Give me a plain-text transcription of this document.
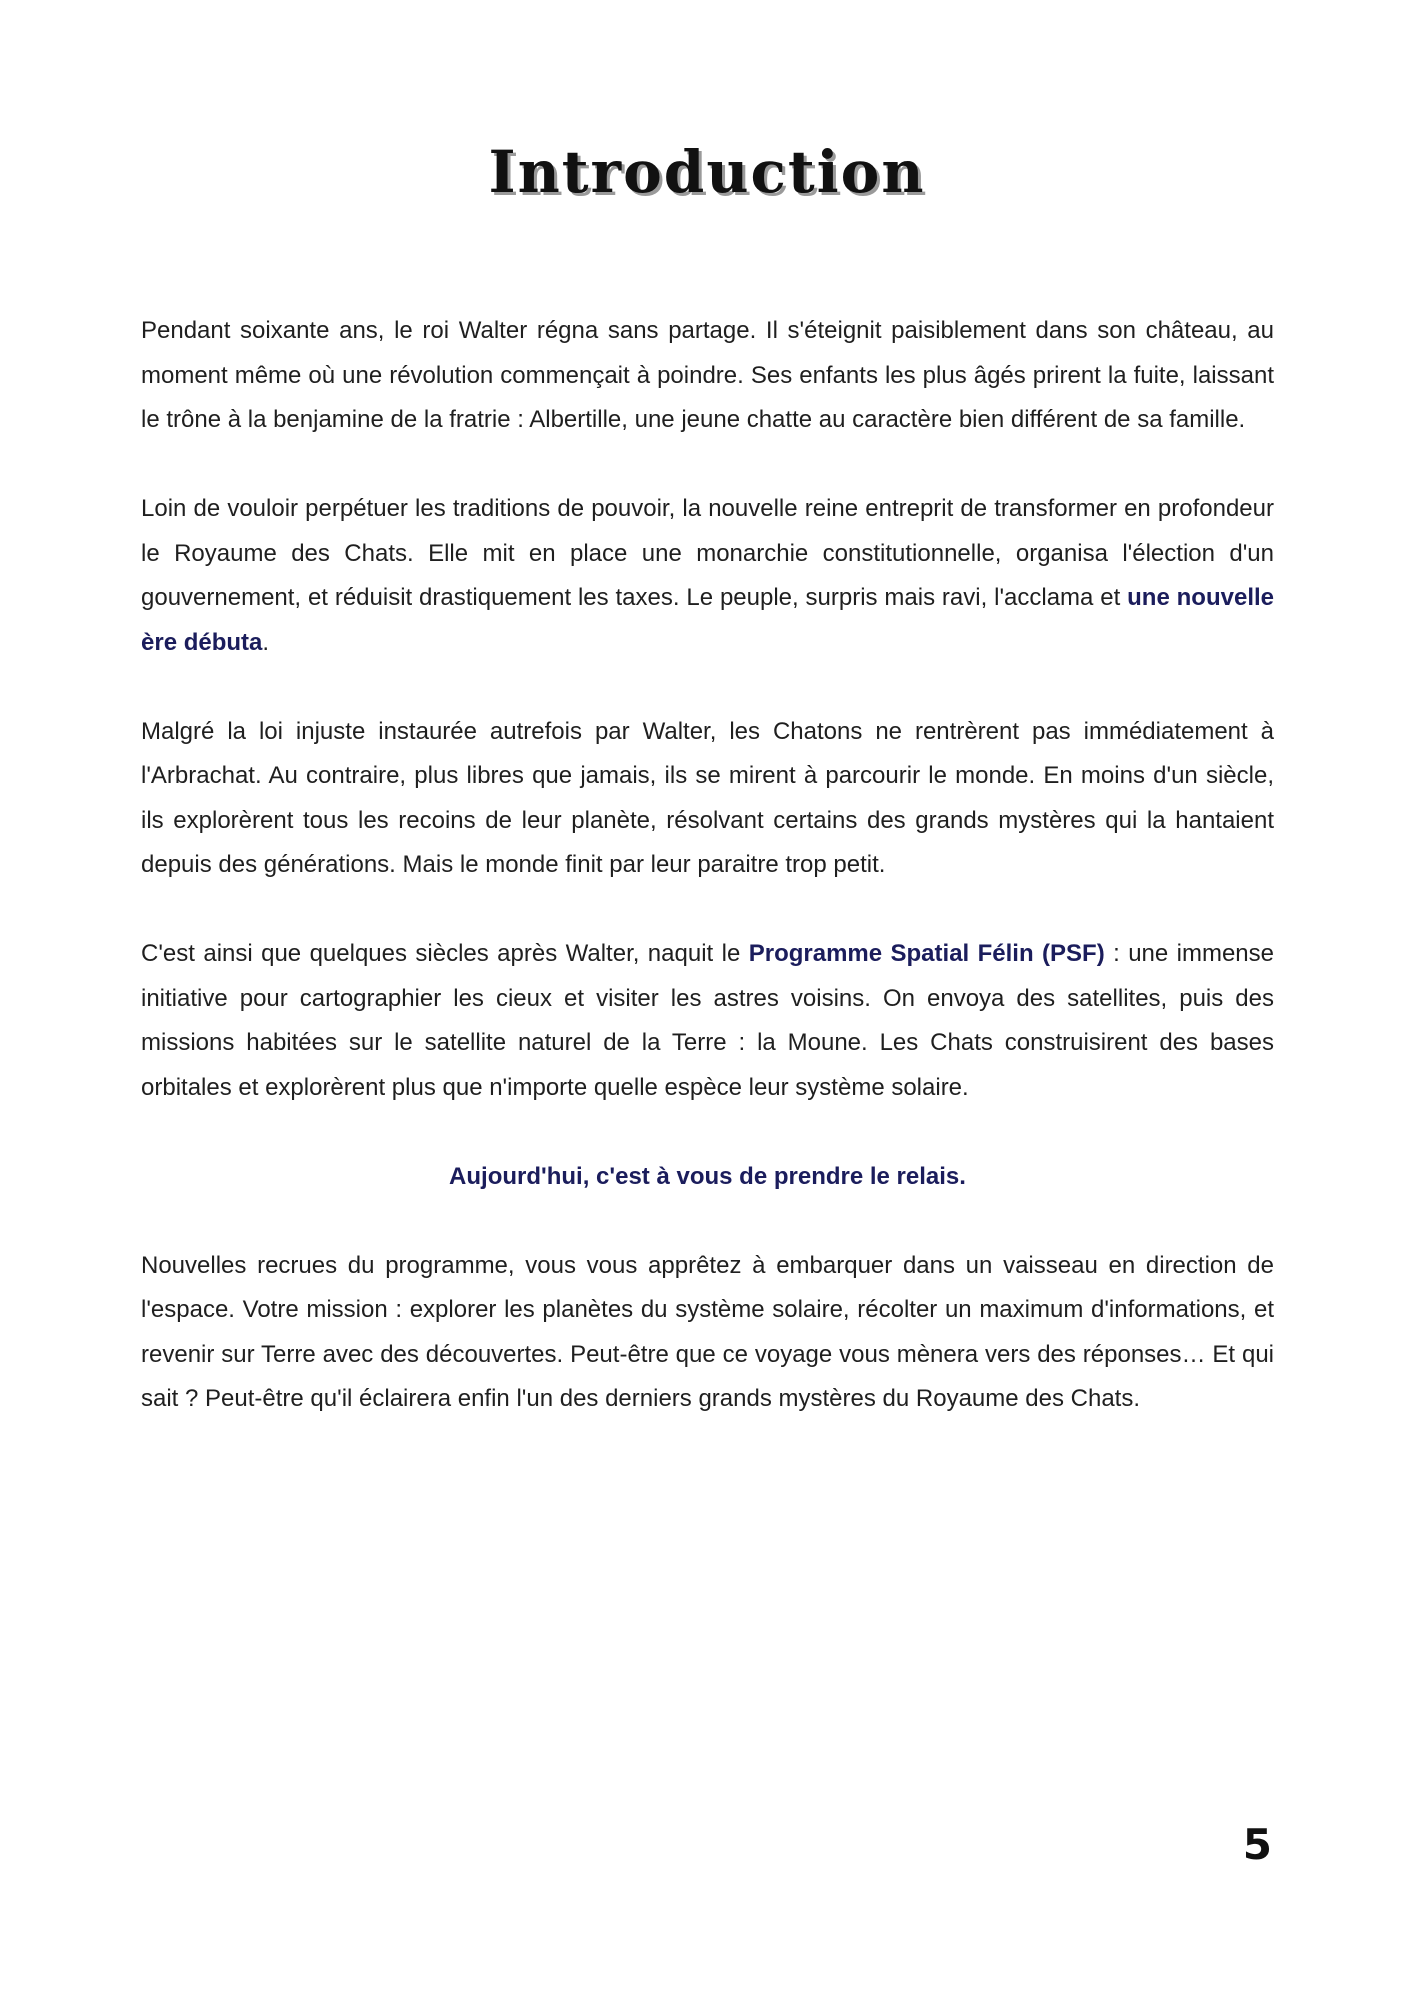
Introduction

Pendant soixante ans, le roi Walter régna sans partage. Il s'éteignit paisiblement dans son château, au moment même où une révolution commençait à poindre. Ses enfants les plus âgés prirent la fuite, laissant le trône à la benjamine de la fratrie : Albertille, une jeune chatte au caractère bien différent de sa famille.

Loin de vouloir perpétuer les traditions de pouvoir, la nouvelle reine entreprit de transformer en profondeur le Royaume des Chats. Elle mit en place une monarchie constitutionnelle, organisa l'élection d'un gouvernement, et réduisit drastiquement les taxes. Le peuple, surpris mais ravi, l'acclama et une nouvelle ère débuta.

Malgré la loi injuste instaurée autrefois par Walter, les Chatons ne rentrèrent pas immédiatement à l'Arbrachat. Au contraire, plus libres que jamais, ils se mirent à parcourir le monde. En moins d'un siècle, ils explorèrent tous les recoins de leur planète, résolvant certains des grands mystères qui la hantaient depuis des générations. Mais le monde finit par leur paraitre trop petit.

C'est ainsi que quelques siècles après Walter, naquit le Programme Spatial Félin (PSF) : une immense initiative pour cartographier les cieux et visiter les astres voisins. On envoya des satellites, puis des missions habitées sur le satellite naturel de la Terre : la Moune. Les Chats construisirent des bases orbitales et explorèrent plus que n'importe quelle espèce leur système solaire.

Aujourd'hui, c'est à vous de prendre le relais.

Nouvelles recrues du programme, vous vous apprêtez à embarquer dans un vaisseau en direction de l'espace. Votre mission : explorer les planètes du système solaire, récolter un maximum d'informations, et revenir sur Terre avec des découvertes. Peut-être que ce voyage vous mènera vers des réponses… Et qui sait ? Peut-être qu'il éclairera enfin l'un des derniers grands mystères du Royaume des Chats.

5
